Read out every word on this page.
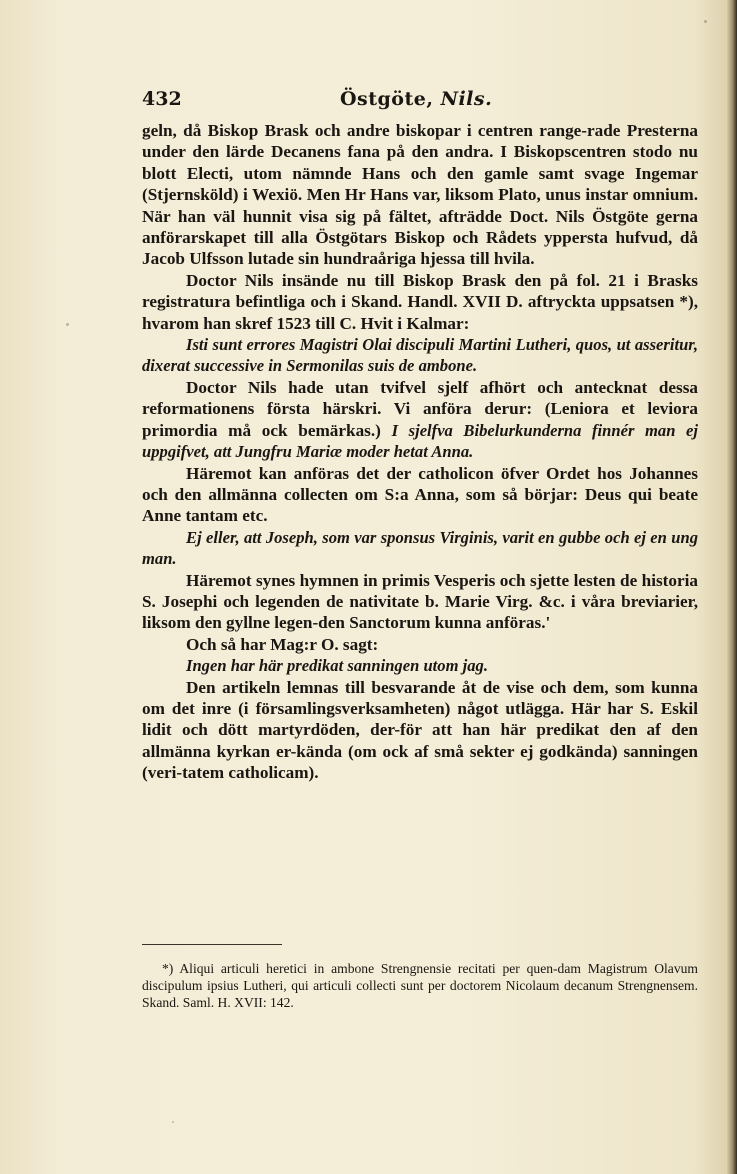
432	Östgöte, Nils.

geln, då Biskop Brask och andre biskopar i centren range-rade Presterna under den lärde Decanens fana på den andra. I Biskopscentren stodo nu blott Electi, utom nämnde Hans och den gamle samt svage Ingemar (Stjernsköld) i Wexiö. Men Hr Hans var, liksom Plato, unus instar omnium. När han väl hunnit visa sig på fältet, afträdde Doct. Nils Östgöte gerna anförarskapet till alla Östgötars Biskop och Rådets yppersta hufvud, då Jacob Ulfsson lutade sin hundraåriga hjessa till hvila.

Doctor Nils insände nu till Biskop Brask den på fol. 21 i Brasks registratura befintliga och i Skand. Handl. XVII D. aftryckta uppsatsen *), hvarom han skref 1523 till C. Hvit i Kalmar:

Isti sunt errores Magistri Olai discipuli Martini Lutheri, quos, ut asseritur, dixerat successive in Sermonilas suis de ambone.

Doctor Nils hade utan tvifvel sjelf afhört och antecknat dessa reformationens första härskri. Vi anföra derur: (Leniora et leviora primordia må ock bemärkas.) I sjelfva Bibelurkunderna finnér man ej uppgifvet, att Jungfru Mariæ moder hetat Anna.

Häremot kan anföras det der catholicon öfver Ordet hos Johannes och den allmänna collecten om S:a Anna, som så börjar: Deus qui beate Anne tantam etc.

Ej eller, att Joseph, som var sponsus Virginis, varit en gubbe och ej en ung man.

Häremot synes hymnen in primis Vesperis och sjette lesten de historia S. Josephi och legenden de nativitate b. Marie Virg. &c. i våra breviarier, liksom den gyllne legen-den Sanctorum kunna anföras.'

Och så har Mag:r O. sagt:

Ingen har här predikat sanningen utom jag.

Den artikeln lemnas till besvarande åt de vise och dem, som kunna om det inre (i församlingsverksamheten) något utlägga. Här har S. Eskil lidit och dött martyrdöden, der-för att han här predikat den af den allmänna kyrkan er-kända (om ock af små sekter ej godkända) sanningen (veri-tatem catholicam).

*) Aliqui articuli heretici in ambone Strengnensie recitati per quen-dam Magistrum Olavum discipulum ipsius Lutheri, qui articuli collecti sunt per doctorem Nicolaum decanum Strengnensem. Skand. Saml. H. XVII: 142.
